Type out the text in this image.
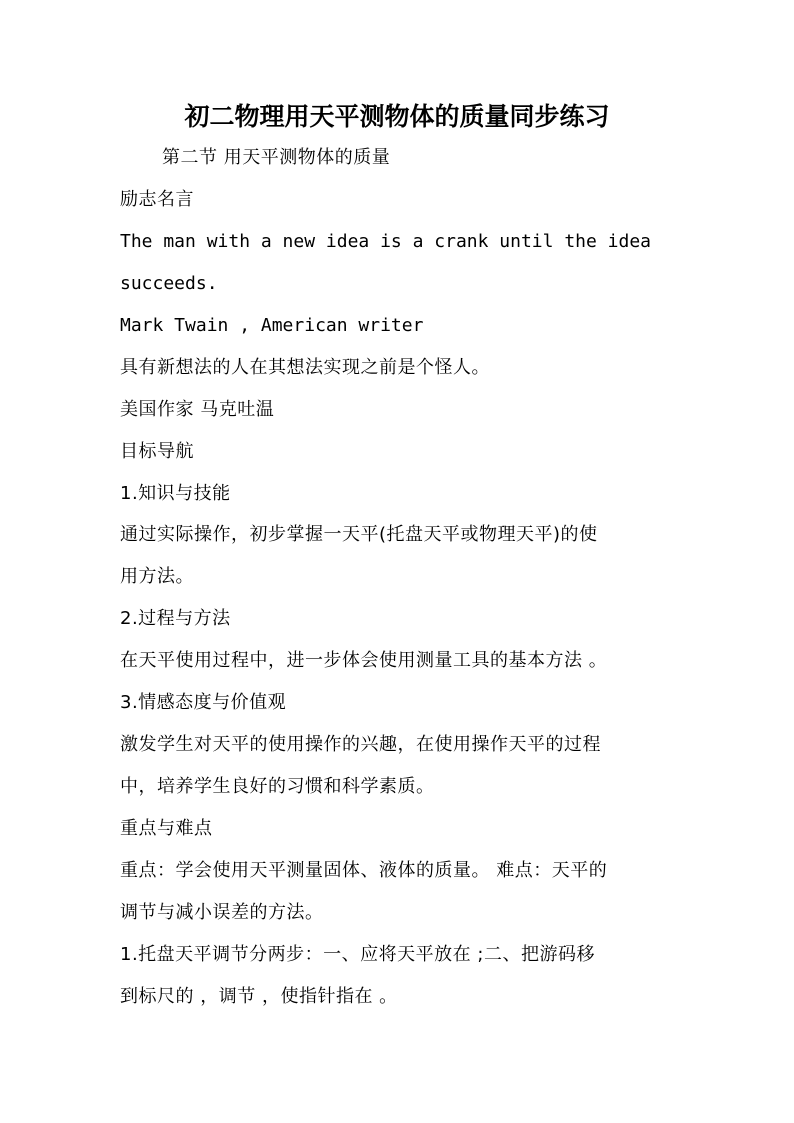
初二物理用天平测物体的质量同步练习
第二节 用天平测物体的质量
励志名言
The man with a new idea is a crank until the idea
succeeds.
Mark Twain , American writer
具有新想法的人在其想法实现之前是个怪人。
美国作家 马克吐温
目标导航
1.知识与技能
通过实际操作，初步掌握一天平(托盘天平或物理天平)的使
用方法。
2.过程与方法
在天平使用过程中，进一步体会使用测量工具的基本方法 。
3.情感态度与价值观
激发学生对天平的使用操作的兴趣，在使用操作天平的过程
中，培养学生良好的习惯和科学素质。
重点与难点
重点：学会使用天平测量固体、液体的质量。 难点：天平的
调节与减小误差的方法。
1.托盘天平调节分两步：一、应将天平放在 ;二、把游码移
到标尺的 ，调节 ，使指针指在 。
